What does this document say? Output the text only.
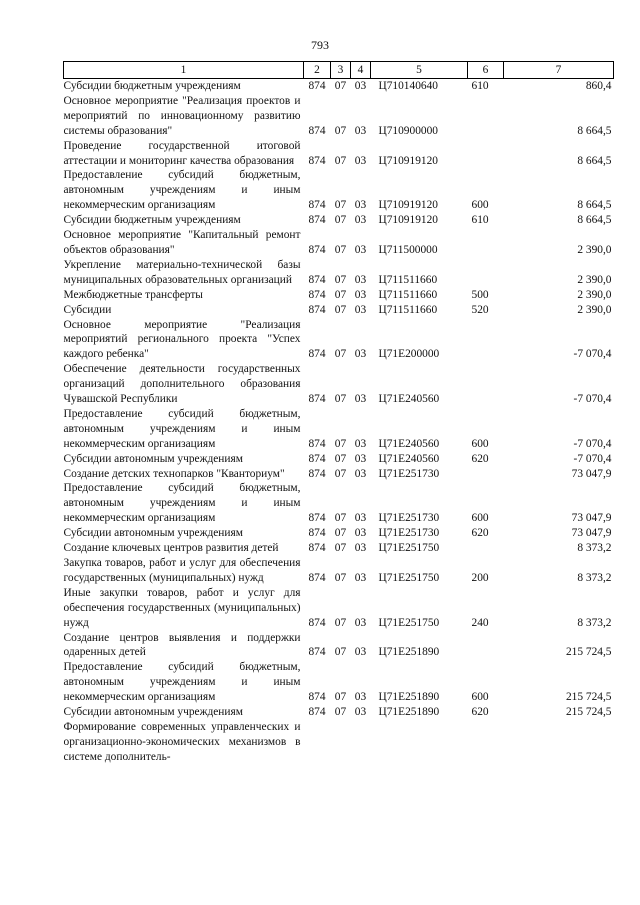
793
1	2	3	4	5	6	7
Субсидии бюджетным учреждениям	874	07	03	Ц710140640	610	860,4
Основное мероприятие "Реализация проектов и мероприятий по инновационному развитию системы образования"	874	07	03	Ц710900000		8 664,5
Проведение государственной итоговой аттестации и мониторинг качества образования	874	07	03	Ц710919120		8 664,5
Предоставление субсидий бюджетным, автономным учреждениям и иным некоммерческим организациям	874	07	03	Ц710919120	600	8 664,5
Субсидии бюджетным учреждениям	874	07	03	Ц710919120	610	8 664,5
Основное мероприятие "Капитальный ремонт объектов образования"	874	07	03	Ц711500000		2 390,0
Укрепление материально-технической базы муниципальных образовательных организаций	874	07	03	Ц711511660		2 390,0
Межбюджетные трансферты	874	07	03	Ц711511660	500	2 390,0
Субсидии	874	07	03	Ц711511660	520	2 390,0
Основное мероприятие "Реализация мероприятий регионального проекта "Успех каждого ребенка"	874	07	03	Ц71E200000		-7 070,4
Обеспечение деятельности государственных организаций дополнительного образования Чувашской Республики	874	07	03	Ц71E240560		-7 070,4
Предоставление субсидий бюджетным, автономным учреждениям и иным некоммерческим организациям	874	07	03	Ц71E240560	600	-7 070,4
Субсидии автономным учреждениям	874	07	03	Ц71E240560	620	-7 070,4
Создание детских технопарков "Кванториум"	874	07	03	Ц71E251730		73 047,9
Предоставление субсидий бюджетным, автономным учреждениям и иным некоммерческим организациям	874	07	03	Ц71E251730	600	73 047,9
Субсидии автономным учреждениям	874	07	03	Ц71E251730	620	73 047,9
Создание ключевых центров развития детей	874	07	03	Ц71E251750		8 373,2
Закупка товаров, работ и услуг для обеспечения государственных (муниципальных) нужд	874	07	03	Ц71E251750	200	8 373,2
Иные закупки товаров, работ и услуг для обеспечения государственных (муниципальных) нужд	874	07	03	Ц71E251750	240	8 373,2
Создание центров выявления и поддержки одаренных детей	874	07	03	Ц71E251890		215 724,5
Предоставление субсидий бюджетным, автономным учреждениям и иным некоммерческим организациям	874	07	03	Ц71E251890	600	215 724,5
Субсидии автономным учреждениям	874	07	03	Ц71E251890	620	215 724,5
Формирование современных управленческих и организационно-экономических механизмов в системе дополнитель-						
